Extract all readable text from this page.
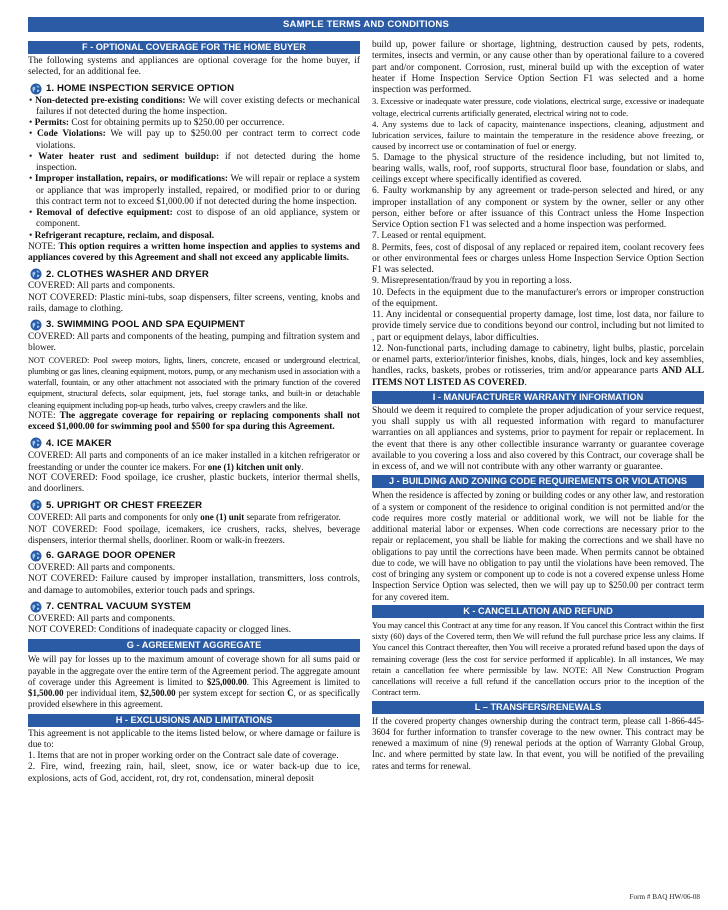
SAMPLE TERMS AND CONDITIONS
F - OPTIONAL COVERAGE FOR THE HOME BUYER

The following systems and appliances are optional coverage for the home buyer, if selected, for an additional fee.

1. HOME INSPECTION SERVICE OPTION
• Non-detected pre-existing conditions: We will cover existing defects or mechanical failures if not detected during the home inspection.
• Permits: Cost for obtaining permits up to $250.00 per occurrence.
• Code Violations: We will pay up to $250.00 per contract term to correct code violations.
• Water heater rust and sediment buildup: if not detected during the home inspection.
• Improper installation, repairs, or modifications: We will repair or replace a system or appliance that was improperly installed, repaired, or modified prior to or during this contract term not to exceed $1,000.00 if not detected during the home inspection.
• Removal of defective equipment: cost to dispose of an old appliance, system or component.
• Refrigerant recapture, reclaim, and disposal.

NOTE: This option requires a written home inspection and applies to systems and appliances covered by this Agreement and shall not exceed any applicable limits.

2. CLOTHES WASHER AND DRYER

COVERED: All parts and components.

NOT COVERED: Plastic mini-tubs, soap dispensers, filter screens, venting, knobs and rails, damage to clothing.

3. SWIMMING POOL AND SPA EQUIPMENT

COVERED: All parts and components of the heating, pumping and filtration system and blower.

NOT COVERED: Pool sweep motors, lights, liners, concrete, encased or underground electrical, plumbing or gas lines, cleaning equipment, motors, pump, or any mechanism used in association with a waterfall, fountain, or any other attachment not associated with the primary function of the covered equipment, structural defects, solar equipment, jets, fuel storage tanks, and built-in or detachable cleaning equipment including pop-up heads, turbo valves, creepy crawlers and the like.

NOTE: The aggregate coverage for repairing or replacing components shall not exceed $1,000.00 for swimming pool and $500 for spa during this Agreement.

4. ICE MAKER

COVERED: All parts and components of an ice maker installed in a kitchen refrigerator or freestanding or under the counter ice makers. For one (1) kitchen unit only.

NOT COVERED: Food spoilage, ice crusher, plastic buckets, interior thermal shells, and doorliners.

5. UPRIGHT OR CHEST FREEZER

COVERED: All parts and components for only one (1) unit separate from refrigerator.

NOT COVERED: Food spoilage, icemakers, ice crushers, racks, shelves, beverage dispensers, interior thermal shells, doorliner. Room or walk-in freezers.

6. GARAGE DOOR OPENER

COVERED: All parts and components.

NOT COVERED: Failure caused by improper installation, transmitters, loss controls, and damage to automobiles, exterior touch pads and springs.

7. CENTRAL VACUUM SYSTEM

COVERED: All parts and components.

NOT COVERED: Conditions of inadequate capacity or clogged lines.

G - AGREEMENT AGGREGATE

We will pay for losses up to the maximum amount of coverage shown for all sums paid or payable in the aggregate over the entire term of the Agreement period. The aggregate amount of coverage under this Agreement is limited to $25,000.00. This Agreement is limited to $1,500.00 per individual item, $2,500.00 per system except for section C, or as specifically provided elsewhere in this agreement.

H - EXCLUSIONS AND LIMITATIONS

This agreement is not applicable to the items listed below, or where damage or failure is due to:

1. Items that are not in proper working order on the Contract sale date of coverage.

2. Fire, wind, freezing rain, hail, sleet, snow, ice or water back-up due to ice, explosions, acts of God, accident, rot, dry rot, condensation, mineral deposit

build up, power failure or shortage, lightning, destruction caused by pets, rodents, termites, insects and vermin, or any cause other than by operational failure to a covered part and/or component. Corrosion, rust, mineral build up with the exception of water heater if Home Inspection Service Option Section F1 was selected and a home inspection was performed.

3. Excessive or inadequate water pressure, code violations, electrical surge, excessive or inadequate voltage, electrical currents artificially generated, electrical wiring not to code.

4. Any systems due to lack of capacity, maintenance inspections, cleaning, adjustment and lubrication services, failure to maintain the temperature in the residence above freezing, or caused by incorrect use or contamination of fuel or energy.

5. Damage to the physical structure of the residence including, but not limited to, bearing walls, walls, roof, roof supports, structural floor base, foundation or slabs, and ceilings except where specifically identified as covered.

6. Faulty workmanship by any agreement or trade-person selected and hired, or any improper installation of any component or system by the owner, seller or any other person, either before or after issuance of this Contract unless the Home Inspection Service Option section F1 was selected and a home inspection was performed.

7. Leased or rental equipment.

8. Permits, fees, cost of disposal of any replaced or repaired item, coolant recovery fees or other environmental fees or charges unless Home Inspection Service Option Section F1 was selected.

9. Misrepresentation/fraud by you in reporting a loss.

10. Defects in the equipment due to the manufacturer's errors or improper construction of the equipment.

11. Any incidental or consequential property damage, lost time, lost data, nor failure to provide timely service due to conditions beyond our control, including but not limited to , part or equipment delays, labor difficulties.

12. Non-functional parts, including damage to cabinetry, light bulbs, plastic, porcelain or enamel parts, exterior/interior finishes, knobs, dials, hinges, lock and key assemblies, handles, racks, baskets, probes or rotisseries, trim and/or appearance parts AND ALL ITEMS NOT LISTED AS COVERED.

I - MANUFACTURER WARRANTY INFORMATION

Should we deem it required to complete the proper adjudication of your service request, you shall supply us with all requested information with regard to manufacturer warranties on all appliances and systems, prior to payment for repair or replacement. In the event that there is any other collectible insurance warranty or guarantee coverage available to you covering a loss and also covered by this Contract, our coverage shall be in excess of, and we will not contribute with any other warranty or guarantee.

J - BUILDING AND ZONING CODE REQUIREMENTS OR VIOLATIONS

When the residence is affected by zoning or building codes or any other law, and restoration of a system or component of the residence to original condition is not permitted and/or the code requires more costly material or additional work, we will not be liable for the additional material labor or expenses. When code corrections are necessary prior to the repair or replacement, you shall be liable for making the corrections and we shall have no obligations to pay until the corrections have been made. When permits cannot be obtained due to code, we will have no obligation to pay until the violations have been removed. The cost of bringing any system or component up to code is not a covered expense unless Home Inspection Service Option was selected, then we will pay up to $250.00 per contract term for any covered item.

K - CANCELLATION AND REFUND

You may cancel this Contract at any time for any reason. If You cancel this Contract within the first sixty (60) days of the Covered term, then We will refund the full purchase price less any claims. If You cancel this Contract thereafter, then You will receive a prorated refund based upon the days of remaining coverage (less the cost for service performed if applicable). In all instances, We may retain a cancellation fee where permissible by law. NOTE: All New Construction Program cancellations will receive a full refund if the cancellation occurs prior to the inception of the Contract term.

L – TRANSFERS/RENEWALS

If the covered property changes ownership during the contract term, please call 1-866-445-3604 for further information to transfer coverage to the new owner. This contract may be renewed a maximum of nine (9) renewal periods at the option of Warranty Global Group, Inc. and where permitted by state law. In that event, you will be notified of the prevailing rates and terms for renewal.

Form # BAQ HW/06-08
